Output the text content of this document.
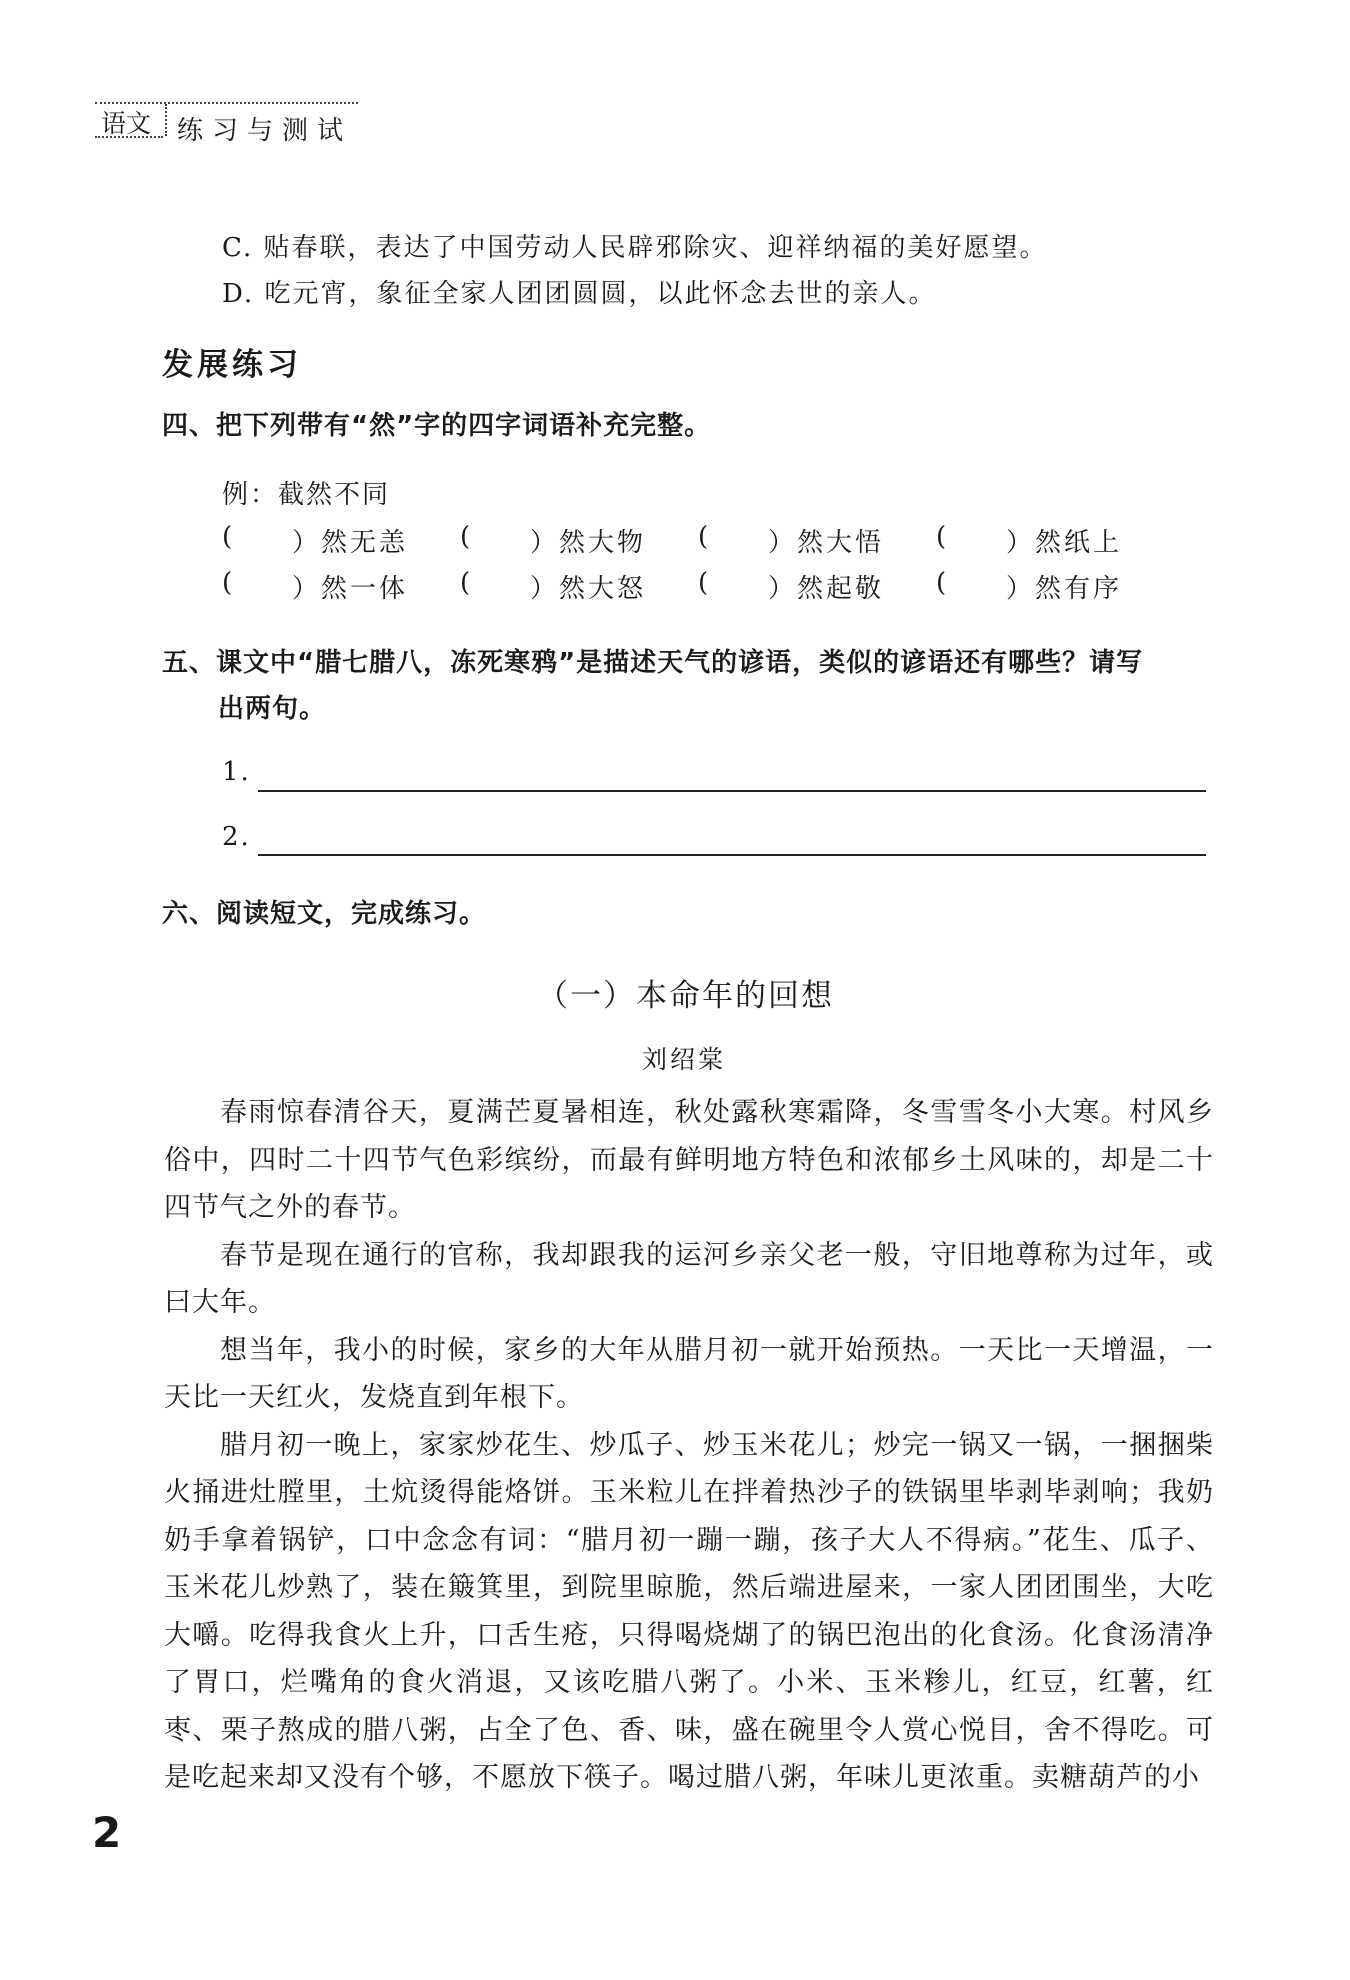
语文 练习与测试
C. 贴春联，表达了中国劳动人民辟邪除灾、迎祥纳福的美好愿望。
D. 吃元宵，象征全家人团团圆圆，以此怀念去世的亲人。
发展练习
四、把下列带有“然”字的四字词语补充完整。
例：截然不同
( ）然无恙 ( ）然大物 ( ）然大悟 ( ）然纸上
( ）然一体 ( ）然大怒 ( ）然起敬 ( ）然有序
五、课文中“腊七腊八，冻死寒鸦”是描述天气的谚语，类似的谚语还有哪些？请写
出两句。
1.
2.
六、阅读短文，完成练习。
（一）本命年的回想
刘绍棠

春雨惊春清谷天，夏满芒夏暑相连，秋处露秋寒霜降，冬雪雪冬小大寒。村风乡俗中，四时二十四节气色彩缤纷，而最有鲜明地方特色和浓郁乡土风味的，却是二十四节气之外的春节。

春节是现在通行的官称，我却跟我的运河乡亲父老一般，守旧地尊称为过年，或曰大年。

想当年，我小的时候，家乡的大年从腊月初一就开始预热。一天比一天增温，一天比一天红火，发烧直到年根下。

腊月初一晚上，家家炒花生、炒瓜子、炒玉米花儿；炒完一锅又一锅，一捆捆柴火捅进灶膛里，土炕烫得能烙饼。玉米粒儿在拌着热沙子的铁锅里毕剥毕剥响；我奶奶手拿着锅铲，口中念念有词：“腊月初一蹦一蹦，孩子大人不得病。”花生、瓜子、玉米花儿炒熟了，装在簸箕里，到院里晾脆，然后端进屋来，一家人团团围坐，大吃大嚼。吃得我食火上升，口舌生疮，只得喝烧煳了的锅巴泡出的化食汤。化食汤清净了胃口，烂嘴角的食火消退，又该吃腊八粥了。小米、玉米糁儿，红豆，红薯，红枣、栗子熬成的腊八粥，占全了色、香、味，盛在碗里令人赏心悦目，舍不得吃。可是吃起来却又没有个够，不愿放下筷子。喝过腊八粥，年味儿更浓重。卖糖葫芦的小

2
